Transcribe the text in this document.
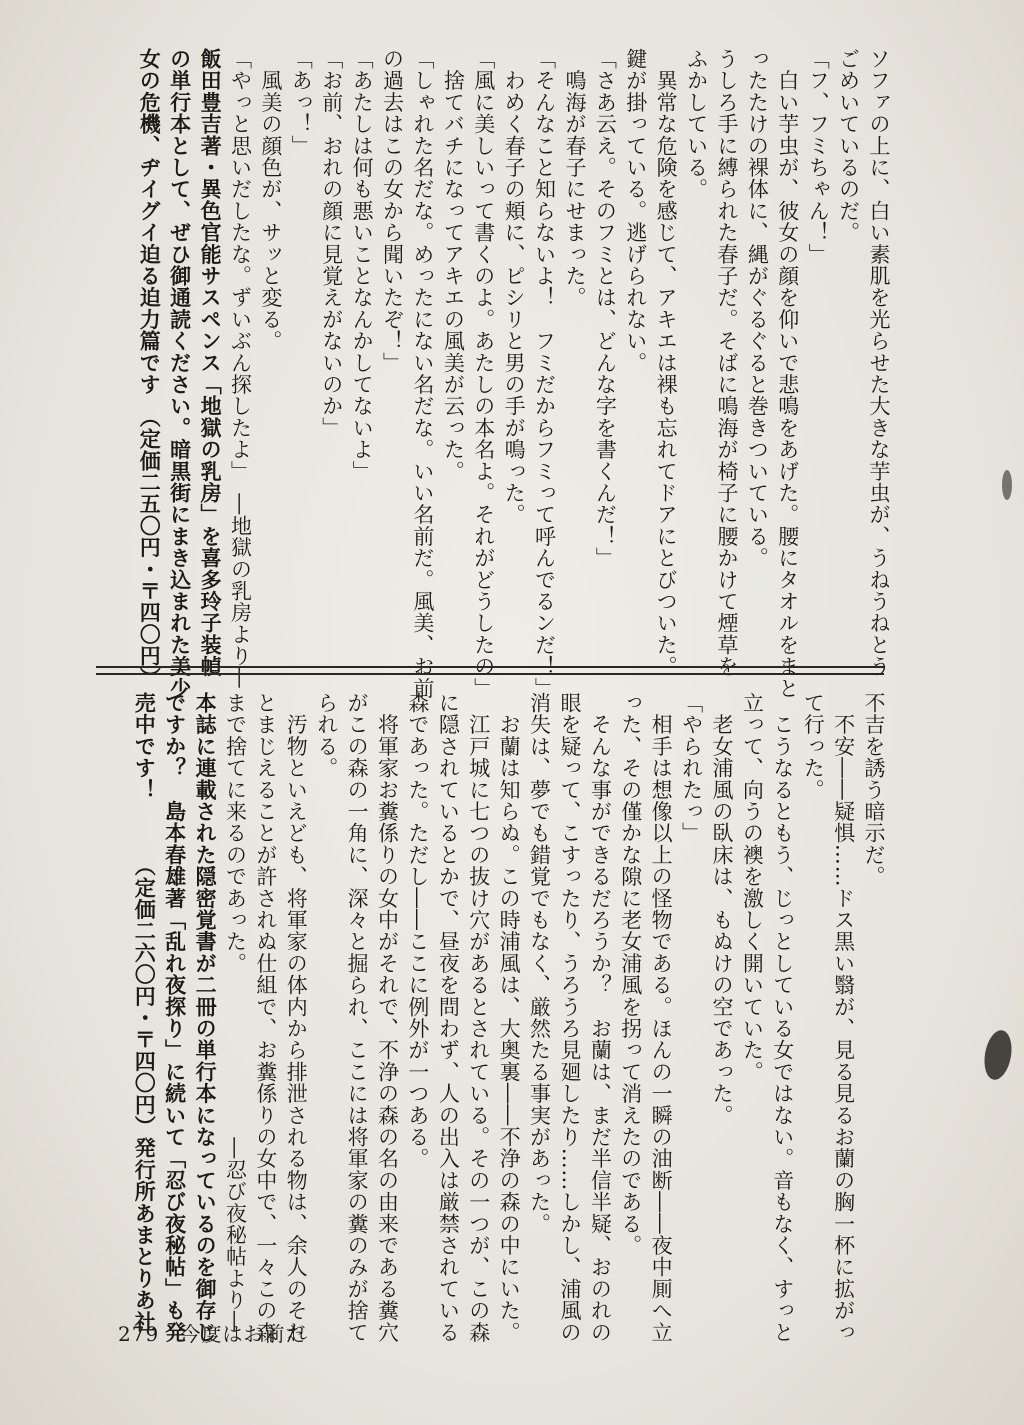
ソファの上に、白い素肌を光らせた大きな芋虫が、うねうねとう
ごめいているのだ。
「フ、フミちゃん！」
　白い芋虫が、彼女の顔を仰いで悲鳴をあげた。腰にタオルをまと
ったたけの裸体に、縄がぐるぐると巻きついている。
うしろ手に縛られた春子だ。そばに鳴海が椅子に腰かけて煙草を
ふかしている。
　異常な危険を感じて、アキエは裸も忘れてドアにとびついた。
鍵が掛っている。逃げられない。
「さあ云え。そのフミとは、どんな字を書くんだ！」
　鳴海が春子にせまった。
「そんなこと知らないよ！　フミだからフミって呼んでるンだ！」
　わめく春子の頬に、ピシリと男の手が鳴った。
「風に美しいって書くのよ。あたしの本名よ。それがどうしたの」
　捨てバチになってアキエの風美が云った。
「しゃれた名だな。めったにない名だな。いい名前だ。風美、お前
の過去はこの女から聞いたぞ！」
「あたしは何も悪いことなんかしてないよ」
「お前、おれの顔に見覚えがないのか」
「あっ！」
　風美の顔色が、サッと変る。
「やっと思いだしたな。ずいぶん探したよ」　―地獄の乳房より―
飯田豊吉著・異色官能サスペンス「地獄の乳房」を喜多玲子装幀
の単行本として、ぜひ御通読ください。暗黒街にまき込まれた美少
女の危機、ヂイグイ迫る迫力篇です　（定価二五〇円・〒四〇円）
不吉を誘う暗示だ。
　不安――疑惧……ドス黒い翳が、見る見るお蘭の胸一杯に拡がっ
て行った。
　こうなるともう、じっとしている女ではない。音もなく、すっと
立って、向うの襖を激しく開いていた。
　老女浦風の臥床は、もぬけの空であった。
「やられたっ」
　相手は想像以上の怪物である。ほんの一瞬の油断――夜中厠へ立
った、その僅かな隙に老女浦風を拐って消えたのである。
　そんな事ができるだろうか？　お蘭は、まだ半信半疑、おのれの
眼を疑って、こすったり、うろうろ見廻したり……しかし、浦風の
消失は、夢でも錯覚でもなく、厳然たる事実があった。
　お蘭は知らぬ。この時浦風は、大奥裏――不浄の森の中にいた。
　江戸城に七つの抜け穴があるとされている。その一つが、この森
に隠されているとかで、昼夜を問わず、人の出入は厳禁されている
森であった。ただし――ここに例外が一つある。
　将軍家お糞係りの女中がそれで、不浄の森の名の由来である糞穴
がこの森の一角に、深々と掘られ、ここには将軍家の糞のみが捨て
られる。
　汚物といえども、将軍家の体内から排泄される物は、余人のそれ
とまじえることが許されぬ仕組で、お糞係りの女中で、一々この森
まで捨てに来るのであった。　　　　　　　　―忍び夜秘帖より―
本誌に連載された隠密覚書が二冊の単行本になっているのを御存じ
ですか？　島本春雄著「乱れ夜探り」に続いて「忍び夜秘帖」も発
売中です！　　　（定価二六〇円・〒四〇円）発行所あまとりあ社
279 今度はお前だ
